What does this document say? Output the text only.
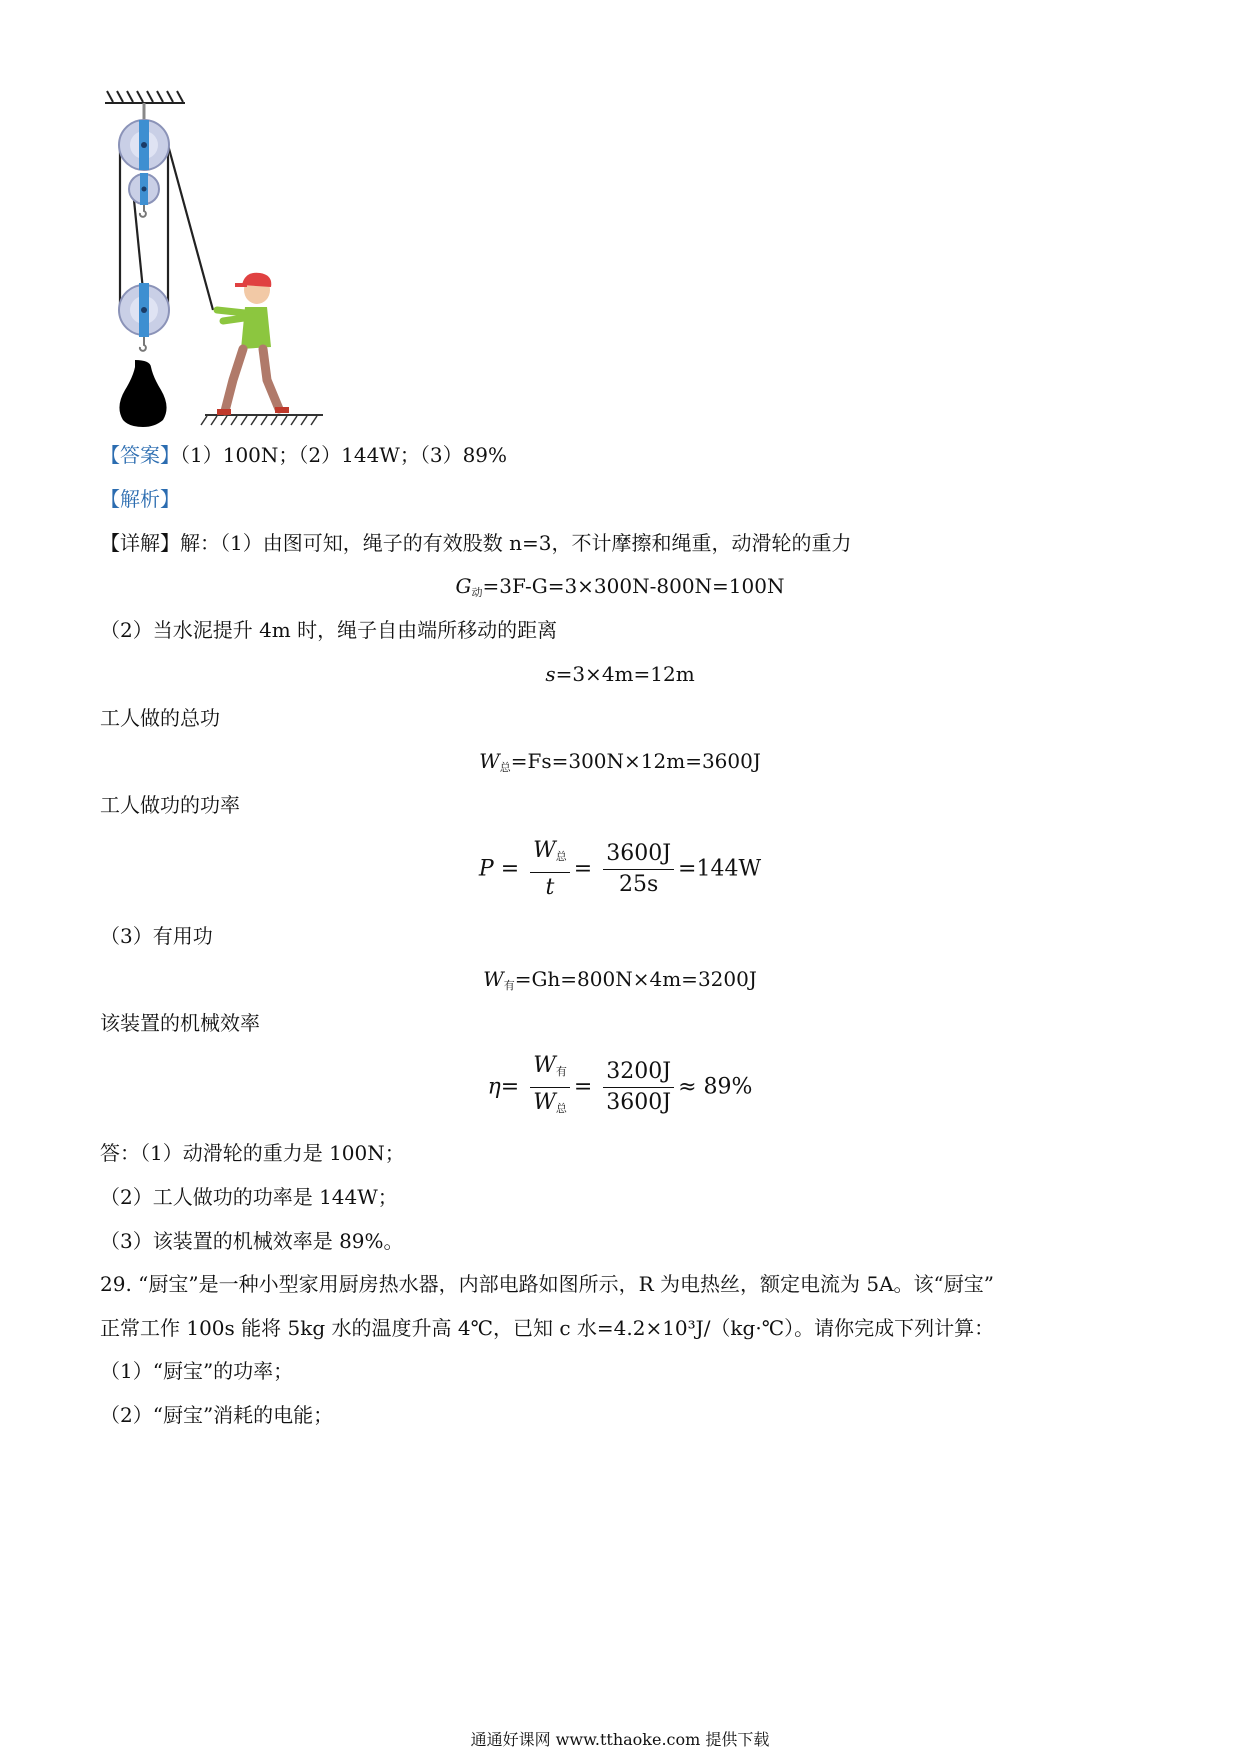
【答案】（1）100N；（2）144W；（3）89%
【解析】
【详解】解：（1）由图可知，绳子的有效股数 n=3，不计摩擦和绳重，动滑轮的重力
$G_动=3F-G=3\times 300N-800N=100N$
（2）当水泥提升 4m 时，绳子自由端所移动的距离
s=3×4m=12m
工人做的总功
$W_总=Fs=300N\times 12m=3600J$
工人做功的功率
$P = \frac{W_总}{t} = \frac{3600J}{25s} =144W$
（3）有用功
$W_有=Gh=800N\times 4m=3200J$
该装置的机械效率
$\eta= \frac{W_有}{W_总} = \frac{3200J}{3600J} \approx 89\%$
答：（1）动滑轮的重力是 100N；
（2）工人做功的功率是 144W；
（3）该装置的机械效率是 89%。
29. “厨宝”是一种小型家用厨房热水器，内部电路如图所示，R 为电热丝，额定电流为 5A。该“厨宝”
正常工作 100s 能将 5kg 水的温度升高 4℃，已知 c 水=4.2×10³J/（kg·℃）。请你完成下列计算：
（1）“厨宝”的功率；
（2）“厨宝”消耗的电能；
通通好课网 www.tthaoke.com 提供下载
